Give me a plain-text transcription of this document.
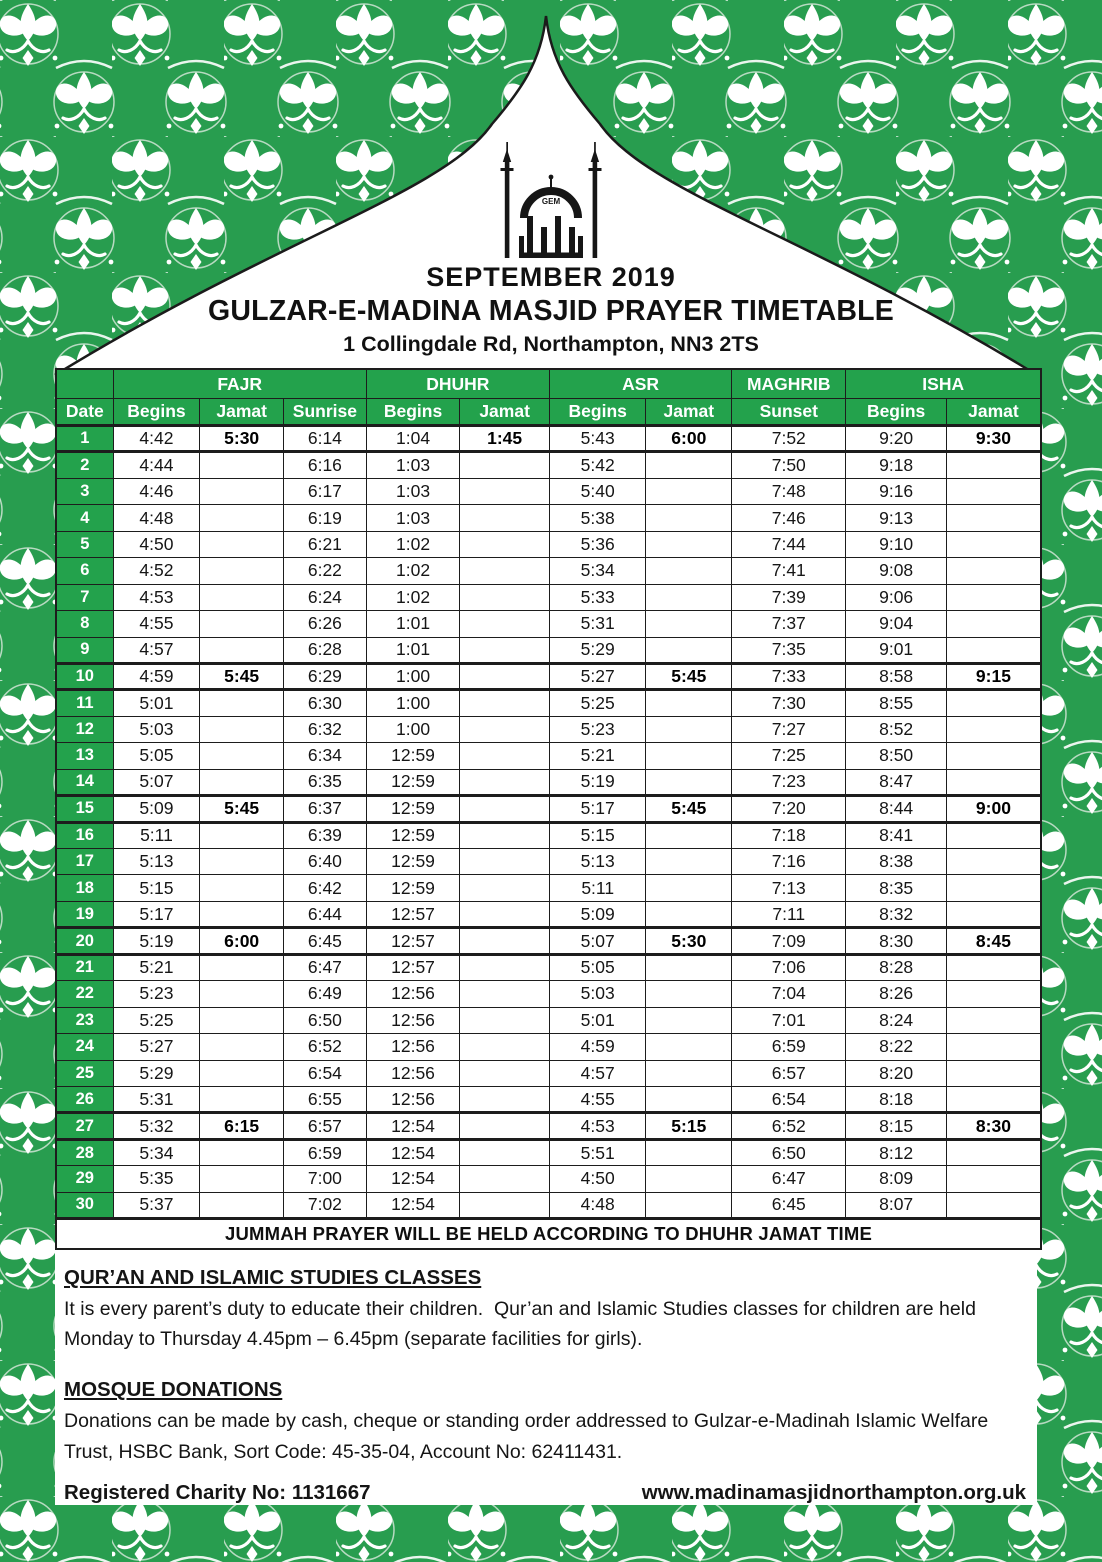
GEM
SEPTEMBER 2019
GULZAR-E-MADINA MASJID PRAYER TIMETABLE
1 Collingdale Rd, Northampton, NN3 2TS
	FAJR			DHUHR		ASR		MAGHRIB	ISHA	
Date	Begins	Jamat	Sunrise	Begins	Jamat	Begins	Jamat	Sunset	Begins	Jamat
1	4:42	5:30	6:14	1:04	1:45	5:43	6:00	7:52	9:20	9:30
2	4:44		6:16	1:03		5:42		7:50	9:18	
3	4:46		6:17	1:03		5:40		7:48	9:16	
4	4:48		6:19	1:03		5:38		7:46	9:13	
5	4:50		6:21	1:02		5:36		7:44	9:10	
6	4:52		6:22	1:02		5:34		7:41	9:08	
7	4:53		6:24	1:02		5:33		7:39	9:06	
8	4:55		6:26	1:01		5:31		7:37	9:04	
9	4:57		6:28	1:01		5:29		7:35	9:01	
10	4:59	5:45	6:29	1:00		5:27	5:45	7:33	8:58	9:15
11	5:01		6:30	1:00		5:25		7:30	8:55	
12	5:03		6:32	1:00		5:23		7:27	8:52	
13	5:05		6:34	12:59		5:21		7:25	8:50	
14	5:07		6:35	12:59		5:19		7:23	8:47	
15	5:09	5:45	6:37	12:59		5:17	5:45	7:20	8:44	9:00
16	5:11		6:39	12:59		5:15		7:18	8:41	
17	5:13		6:40	12:59		5:13		7:16	8:38	
18	5:15		6:42	12:59		5:11		7:13	8:35	
19	5:17		6:44	12:57		5:09		7:11	8:32	
20	5:19	6:00	6:45	12:57		5:07	5:30	7:09	8:30	8:45
21	5:21		6:47	12:57		5:05		7:06	8:28	
22	5:23		6:49	12:56		5:03		7:04	8:26	
23	5:25		6:50	12:56		5:01		7:01	8:24	
24	5:27		6:52	12:56		4:59		6:59	8:22	
25	5:29		6:54	12:56		4:57		6:57	8:20	
26	5:31		6:55	12:56		4:55		6:54	8:18	
27	5:32	6:15	6:57	12:54		4:53	5:15	6:52	8:15	8:30
28	5:34		6:59	12:54		5:51		6:50	8:12	
29	5:35		7:00	12:54		4:50		6:47	8:09	
30	5:37		7:02	12:54		4:48		6:45	8:07	
JUMMAH PRAYER WILL BE HELD ACCORDING TO DHUHR JAMAT TIME										
QUR’AN AND ISLAMIC STUDIES CLASSES

It is every parent’s duty to educate their children.  Qur’an and Islamic Studies classes for children are held Monday to Thursday 4.45pm – 6.45pm (separate facilities for girls).

MOSQUE DONATIONS

Donations can be made by cash, cheque or standing order addressed to Gulzar-e-Madinah Islamic Welfare Trust, HSBC Bank, Sort Code: 45-35-04, Account No: 62411431.

Registered Charity No: 1131667	www.madinamasjidnorthampton.org.uk
